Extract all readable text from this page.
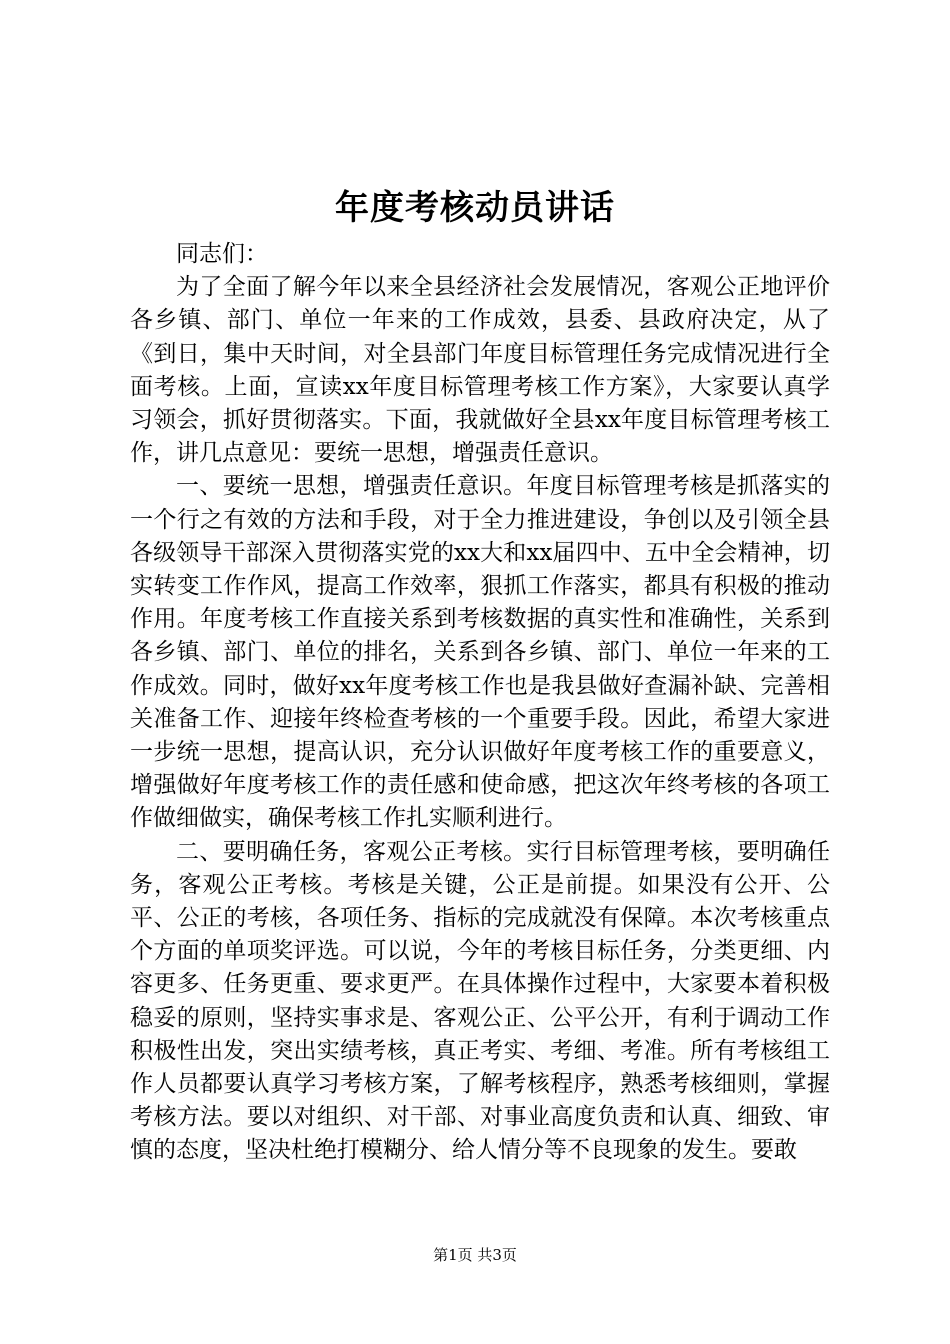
年度考核动员讲话

同志们：

为了全面了解今年以来全县经济社会发展情况，客观公正地评价各乡镇、部门、单位一年来的工作成效，县委、县政府决定，从了《到日，集中天时间，对全县部门年度目标管理任务完成情况进行全面考核。上面，宣读xx年度目标管理考核工作方案》，大家要认真学习领会，抓好贯彻落实。下面，我就做好全县xx年度目标管理考核工作，讲几点意见：要统一思想，增强责任意识。

一、要统一思想，增强责任意识。年度目标管理考核是抓落实的一个行之有效的方法和手段，对于全力推进建设，争创以及引领全县各级领导干部深入贯彻落实党的xx大和xx届四中、五中全会精神，切实转变工作作风，提高工作效率，狠抓工作落实，都具有积极的推动作用。年度考核工作直接关系到考核数据的真实性和准确性，关系到各乡镇、部门、单位的排名，关系到各乡镇、部门、单位一年来的工作成效。同时，做好xx年度考核工作也是我县做好查漏补缺、完善相关准备工作、迎接年终检查考核的一个重要手段。因此，希望大家进一步统一思想，提高认识，充分认识做好年度考核工作的重要意义，增强做好年度考核工作的责任感和使命感，把这次年终考核的各项工作做细做实，确保考核工作扎实顺利进行。

二、要明确任务，客观公正考核。实行目标管理考核，要明确任务，客观公正考核。考核是关键，公正是前提。如果没有公开、公平、公正的考核，各项任务、指标的完成就没有保障。本次考核重点个方面的单项奖评选。可以说，今年的考核目标任务，分类更细、内容更多、任务更重、要求更严。在具体操作过程中，大家要本着积极稳妥的原则，坚持实事求是、客观公正、公平公开，有利于调动工作积极性出发，突出实绩考核，真正考实、考细、考准。所有考核组工作人员都要认真学习考核方案，了解考核程序，熟悉考核细则，掌握考核方法。要以对组织、对干部、对事业高度负责和认真、细致、审慎的态度，坚决杜绝打模糊分、给人情分等不良现象的发生。要敢

第1页 共3页
